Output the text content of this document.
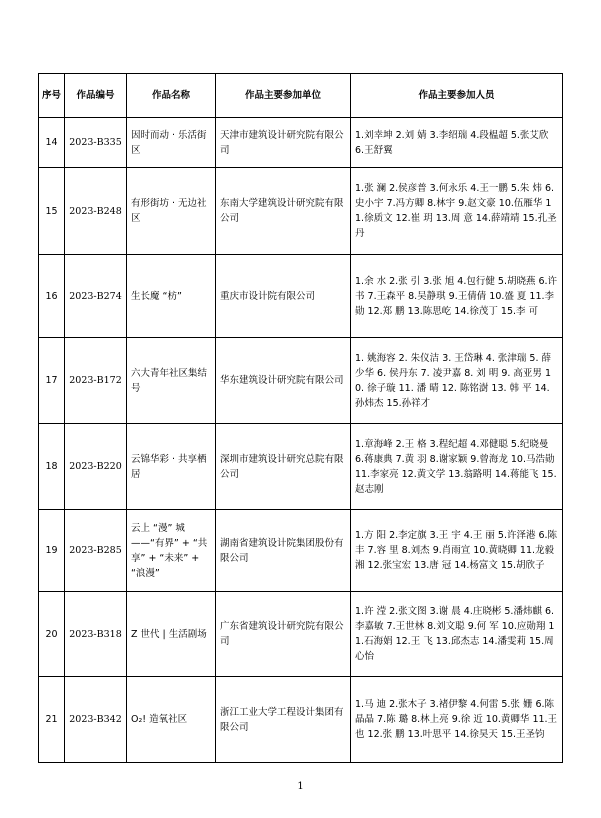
序号	作品编号	作品名称	作品主要参加单位	作品主要参加人员
14	2023-B335	因时而动 · 乐活街区	天津市建筑设计研究院有限公司	1.刘幸坤 2.刘 婧 3.李绍瑞 4.段榅超 5.张艾欣 6.王舒翼
15	2023-B248	有形街坊 · 无边社区	东南大学建筑设计研究院有限公司	1.张 澜 2.侯彦普 3.何永乐 4.王一鹏 5.朱 炜 6.史小宇 7.冯方卿 8.林宇 9.赵文豪 10.伍雁华 11.徐质文 12.崔 玥 13.周 意 14.薛靖靖 15.孔圣丹
16	2023-B274	生长魔 “枋”	重庆市设计院有限公司	1.余 水 2.张 引 3.张 旭 4.包行健 5.胡晓燕 6.许 书 7.王森平 8.吴静琪 9.王倩倩 10.盛 夏 11.李 勋 12.郑 鹏 13.陈思屹 14.徐茂丁 15.李 可
17	2023-B172	六大青年社区集结号	华东建筑设计研究院有限公司	1. 姚海容 2. 朱仪洁 3. 王岱琳 4. 张津瑞 5. 薛少华 6. 侯丹东 7. 凌尹嘉 8. 刘 明 9. 高亚男 10. 徐子璇 11. 潘 晴 12. 陈铭澍 13. 韩 平 14.孙炜杰 15.孙祥才
18	2023-B220	云锦华彩 · 共享栖居	深圳市建筑设计研究总院有限公司	1.章海峰 2.王 格 3.程纪超 4.邓健聪 5.纪晓曼 6.蒋康典 7.黄 羽 8.谢家颖 9.曾海龙 10.马浩勋 11.李家亮 12.黄文学 13.翁路明 14.蒋能飞 15.赵志刚
19	2023-B285	云上 “漫” 城——“有界” + “共享” + “未来” + “浪漫”	湖南省建筑设计院集团股份有限公司	1.方 阳 2.李定旗 3.王 宇 4.王 丽 5.许泽港 6.陈 丰 7.容 里 8.刘杰 9.肖雨宣 10.黄晓卿 11.龙毅湘 12.张宝宏 13.唐 冠 14.杨富文 15.胡欣子
20	2023-B318	Z 世代 | 生活剧场	广东省建筑设计研究院有限公司	1.许 滢 2.张文图 3.谢 晨 4.庄晓彬 5.潘炜麒 6.李嘉敏 7.王世林 8.刘文聪 9.何 军 10.应勋翔 11.石海娟 12.王 飞 13.邱杰志 14.潘雯莉 15.周心怡
21	2023-B342	O₂! 造氧社区	浙江工业大学工程设计集团有限公司	1.马 迪 2.张木子 3.褚伊黎 4.何雷 5.张 姗 6.陈晶晶 7.陈 璐 8.林上亮 9.徐 近 10.黄卿华 11.王 也 12.张 鹏 13.叶思平 14.徐昊天 15.王圣钧
1
